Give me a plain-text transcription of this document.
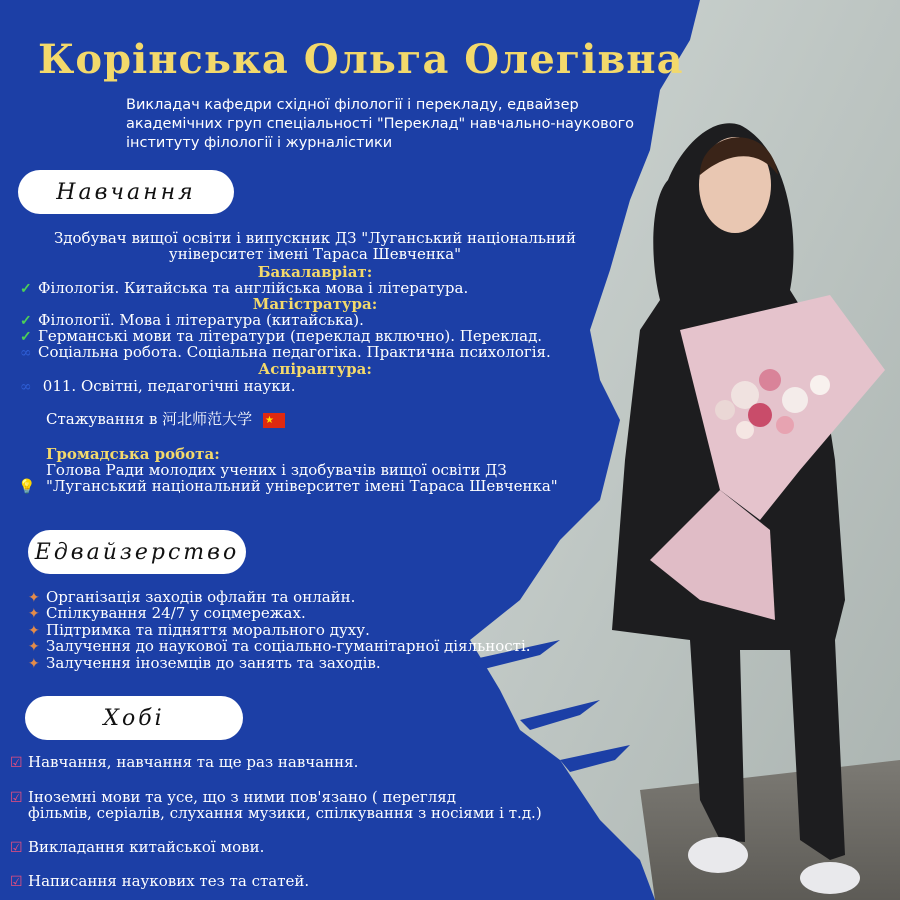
Корінська Ольга Олегівна
Викладач кафедри східної філології і перекладу, едвайзер академічних груп спеціальності "Переклад" навчально-наукового інституту філології і журналістики
Навчання
Здобувач вищої освіти і випускник ДЗ "Луганський національний університет імені Тараса Шевченка"
Бакалавріат:
✓ Філологія. Китайська та англійська мова і література.
Магістратура:
✓ Філології. Мова і література (китайська).
✓ Германські мови та літератури (переклад включно). Переклад.
∞ Соціальна робота. Соціальна педагогіка. Практична психологія.
Аспірантура:
∞ 011. Освітні, педагогічні науки.
Стажування в 河北师范大学 ★
Громадська робота:
Голова Ради молодих учених і здобувачів вищої освіти ДЗ
💡 "Луганський національний університет імені Тараса Шевченка"
Едвайзерство
✦ Організація заходів офлайн та онлайн.
✦ Спілкування 24/7 у соцмережах.
✦ Підтримка та підняття морального духу.
✦ Залучення до наукової та соціально-гуманітарної діяльності.
✦ Залучення іноземців до занять та заходів.
Хобі
☑ Навчання, навчання та ще раз навчання.
☑ Іноземні мови та усе, що з ними пов'язано ( перегляд
фільмів, серіалів, слухання музики, спілкування з носіями і т.д.)
☑ Викладання китайської мови.
☑ Написання наукових тез та статей.
